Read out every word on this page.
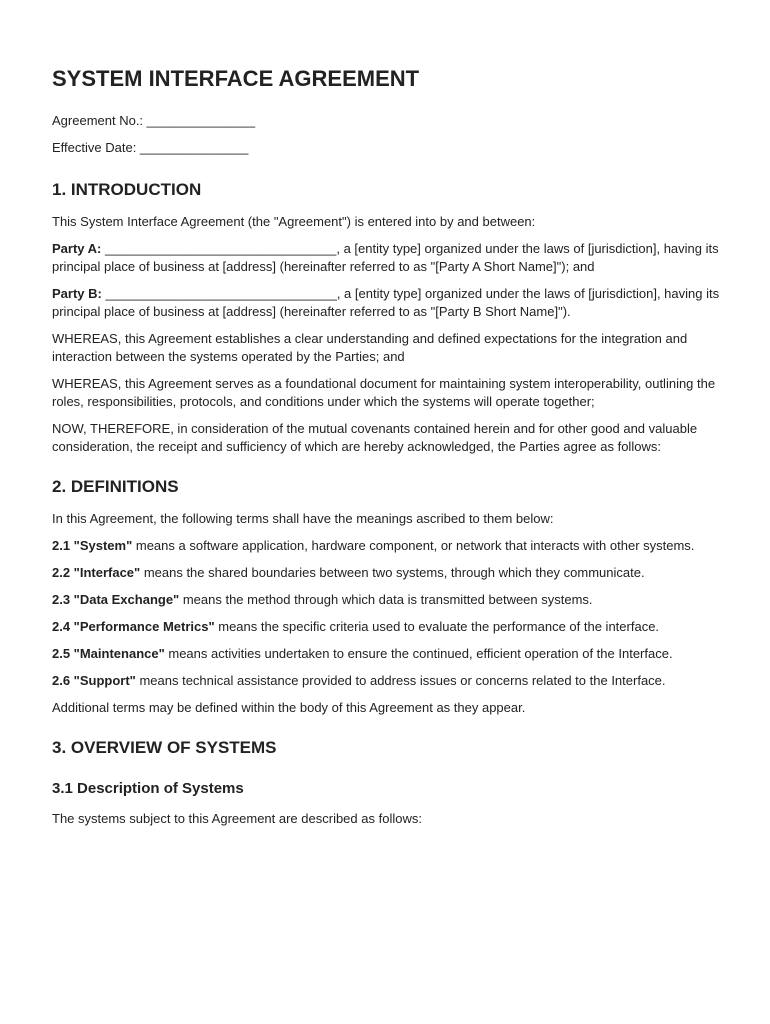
SYSTEM INTERFACE AGREEMENT

Agreement No.: _______________

Effective Date: _______________

1. INTRODUCTION

This System Interface Agreement (the "Agreement") is entered into by and between:

Party A: ________________________________, a [entity type] organized under the laws of [jurisdiction], having its principal place of business at [address] (hereinafter referred to as "[Party A Short Name]"); and

Party B: ________________________________, a [entity type] organized under the laws of [jurisdiction], having its principal place of business at [address] (hereinafter referred to as "[Party B Short Name]").

WHEREAS, this Agreement establishes a clear understanding and defined expectations for the integration and interaction between the systems operated by the Parties; and

WHEREAS, this Agreement serves as a foundational document for maintaining system interoperability, outlining the roles, responsibilities, protocols, and conditions under which the systems will operate together;

NOW, THEREFORE, in consideration of the mutual covenants contained herein and for other good and valuable consideration, the receipt and sufficiency of which are hereby acknowledged, the Parties agree as follows:

2. DEFINITIONS

In this Agreement, the following terms shall have the meanings ascribed to them below:

2.1 "System" means a software application, hardware component, or network that interacts with other systems.

2.2 "Interface" means the shared boundaries between two systems, through which they communicate.

2.3 "Data Exchange" means the method through which data is transmitted between systems.

2.4 "Performance Metrics" means the specific criteria used to evaluate the performance of the interface.

2.5 "Maintenance" means activities undertaken to ensure the continued, efficient operation of the Interface.

2.6 "Support" means technical assistance provided to address issues or concerns related to the Interface.

Additional terms may be defined within the body of this Agreement as they appear.

3. OVERVIEW OF SYSTEMS
3.1 Description of Systems

The systems subject to this Agreement are described as follows:
